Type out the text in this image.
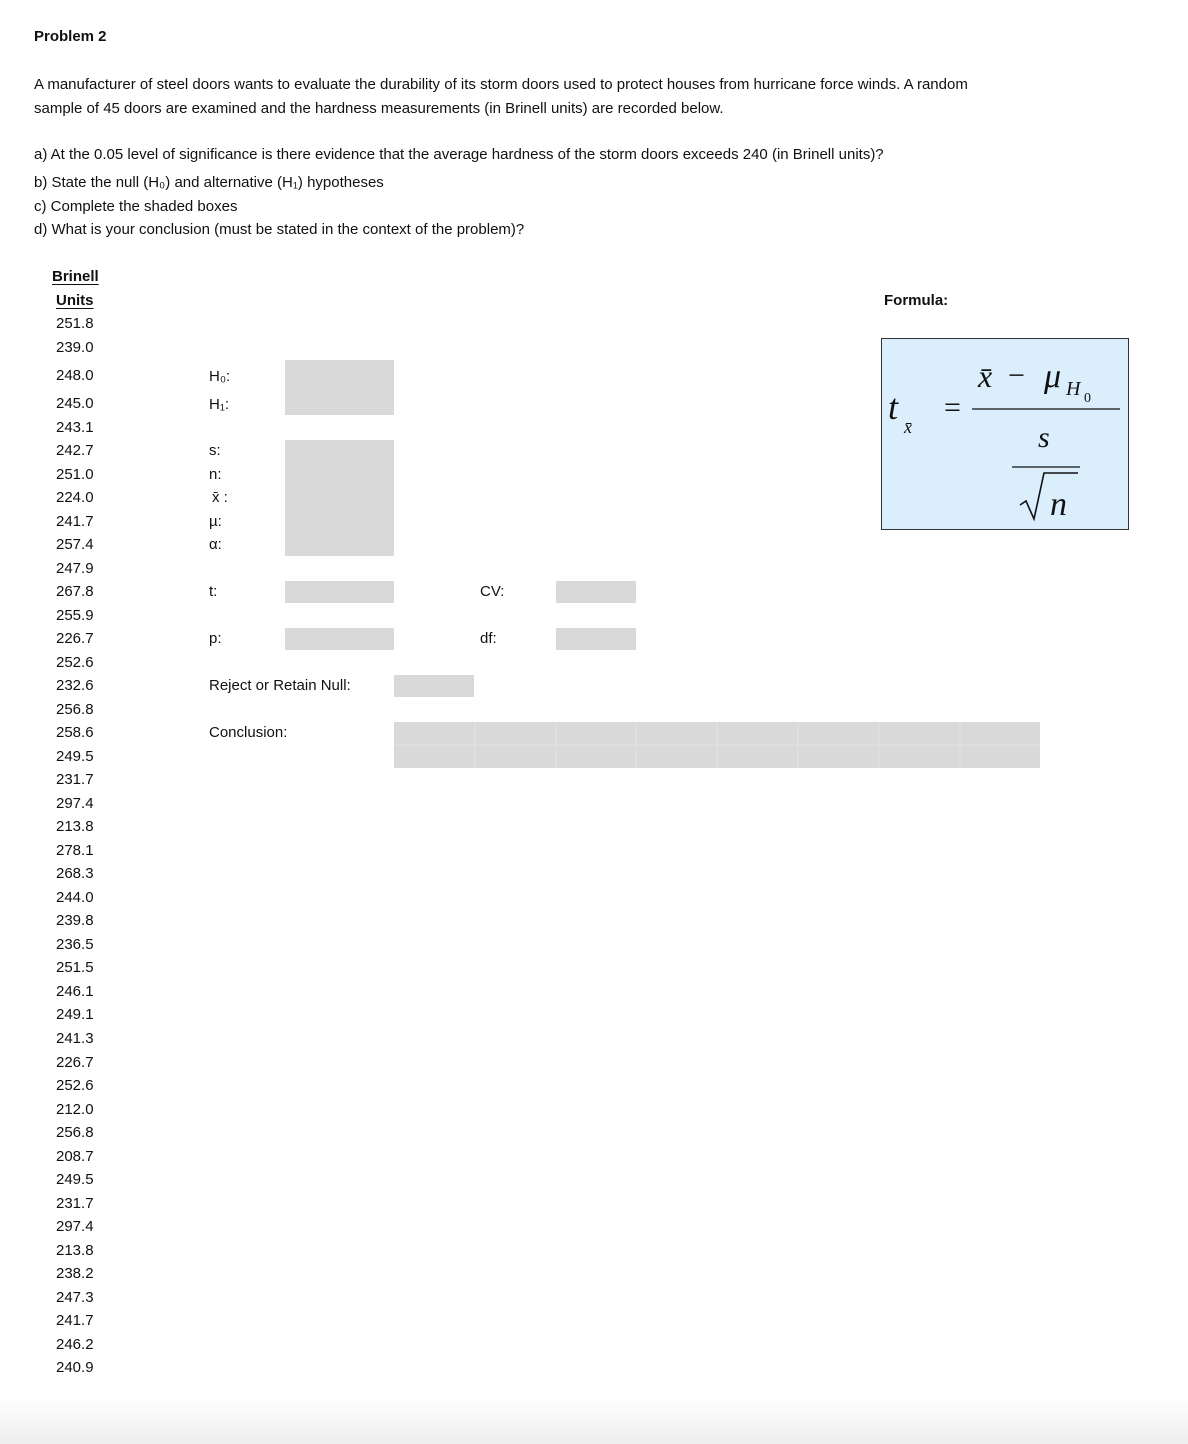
Problem 2
A manufacturer of steel doors wants to evaluate the durability of its storm doors used to protect houses from hurricane force winds. A random
sample of 45 doors are examined and the hardness measurements (in Brinell units) are recorded below.
a) At the 0.05 level of significance is there evidence that the average hardness of the storm doors exceeds 240 (in Brinell units)?
b) State the null (H₀) and alternative (H₁) hypotheses
c) Complete the shaded boxes
d) What is your conclusion (must be stated in the context of the problem)?
Brinell
Units
251.8
239.0
248.0
245.0
243.1
242.7
251.0
224.0
241.7
257.4
247.9
267.8
255.9
226.7
252.6
232.6
256.8
258.6
249.5
231.7
297.4
213.8
278.1
268.3
244.0
239.8
236.5
251.5
246.1
249.1
241.3
226.7
252.6
212.0
256.8
208.7
249.5
231.7
297.4
213.8
238.2
247.3
241.7
246.2
240.9
H₀:
H₁:
s:
n:
x̄ :
µ:
α:
t:
p:
CV:
df:
Reject or Retain Null:
Conclusion:
Formula:
t x̄
=
x̄ − μ H 0
s
n
